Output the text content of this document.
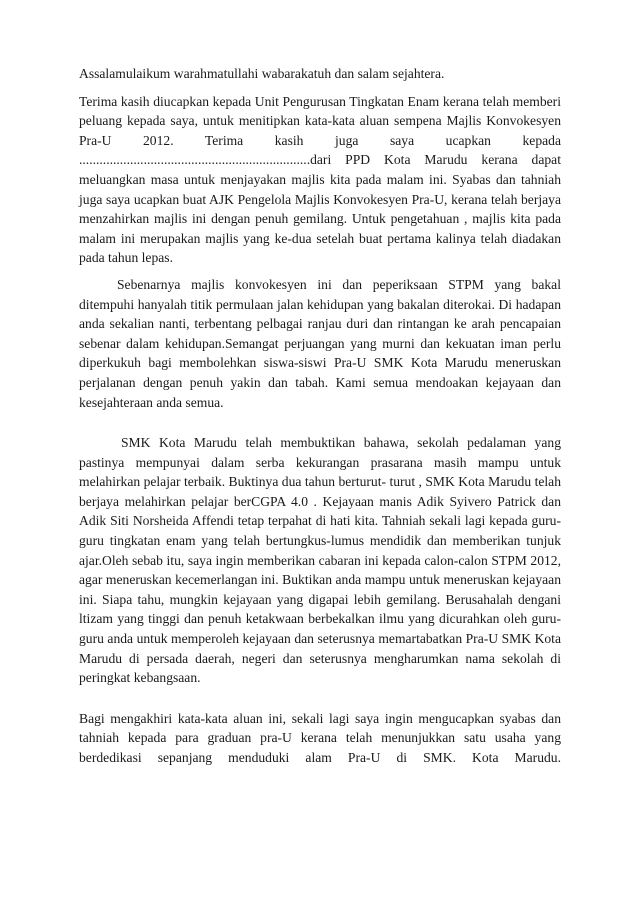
Assalamulaikum warahmatullahi wabarakatuh dan salam sejahtera.

Terima kasih diucapkan kepada Unit Pengurusan Tingkatan Enam kerana telah memberi peluang kepada saya, untuk menitipkan kata-kata aluan sempena Majlis Konvokesyen Pra-U 2012. Terima kasih juga saya ucapkan kepada ....................................................................dari PPD Kota Marudu kerana dapat meluangkan masa untuk menjayakan majlis kita pada malam ini. Syabas dan tahniah juga saya ucapkan buat AJK Pengelola Majlis Konvokesyen Pra-U, kerana telah berjaya menzahirkan majlis ini dengan penuh gemilang. Untuk pengetahuan , majlis kita pada malam ini merupakan majlis yang ke-dua setelah buat pertama kalinya telah diadakan pada tahun lepas.

Sebenarnya majlis konvokesyen ini dan peperiksaan STPM yang bakal ditempuhi hanyalah titik permulaan jalan kehidupan yang bakalan diterokai. Di hadapan anda sekalian nanti, terbentang pelbagai ranjau duri dan rintangan ke arah pencapaian sebenar dalam kehidupan.Semangat perjuangan yang murni dan kekuatan iman perlu diperkukuh bagi membolehkan siswa-siswi Pra-U SMK Kota Marudu meneruskan perjalanan dengan penuh yakin dan tabah. Kami semua mendoakan kejayaan dan kesejahteraan anda semua.

SMK Kota Marudu telah membuktikan bahawa, sekolah pedalaman yang pastinya mempunyai dalam serba kekurangan prasarana masih mampu untuk melahirkan pelajar terbaik. Buktinya dua tahun berturut- turut , SMK Kota Marudu telah berjaya melahirkan pelajar berCGPA 4.0 . Kejayaan manis Adik Syivero Patrick dan Adik Siti Norsheida Affendi tetap terpahat di hati kita. Tahniah sekali lagi kepada guru-guru tingkatan enam yang telah bertungkus-lumus mendidik dan memberikan tunjuk ajar.Oleh sebab itu, saya ingin memberikan cabaran ini kepada calon-calon STPM 2012, agar meneruskan kecemerlangan ini. Buktikan anda mampu untuk meneruskan kejayaan ini. Siapa tahu, mungkin kejayaan yang digapai lebih gemilang. Berusahalah dengani ltizam yang tinggi dan penuh ketakwaan berbekalkan ilmu yang dicurahkan oleh guru-guru anda untuk memperoleh kejayaan dan seterusnya memartabatkan Pra-U SMK Kota Marudu di persada daerah, negeri dan seterusnya mengharumkan nama sekolah di peringkat kebangsaan.

Bagi mengakhiri kata-kata aluan ini, sekali lagi saya ingin mengucapkan syabas dan tahniah kepada para graduan pra-U kerana telah menunjukkan satu usaha yang berdedikasi sepanjang menduduki alam Pra-U di SMK. Kota Marudu.
